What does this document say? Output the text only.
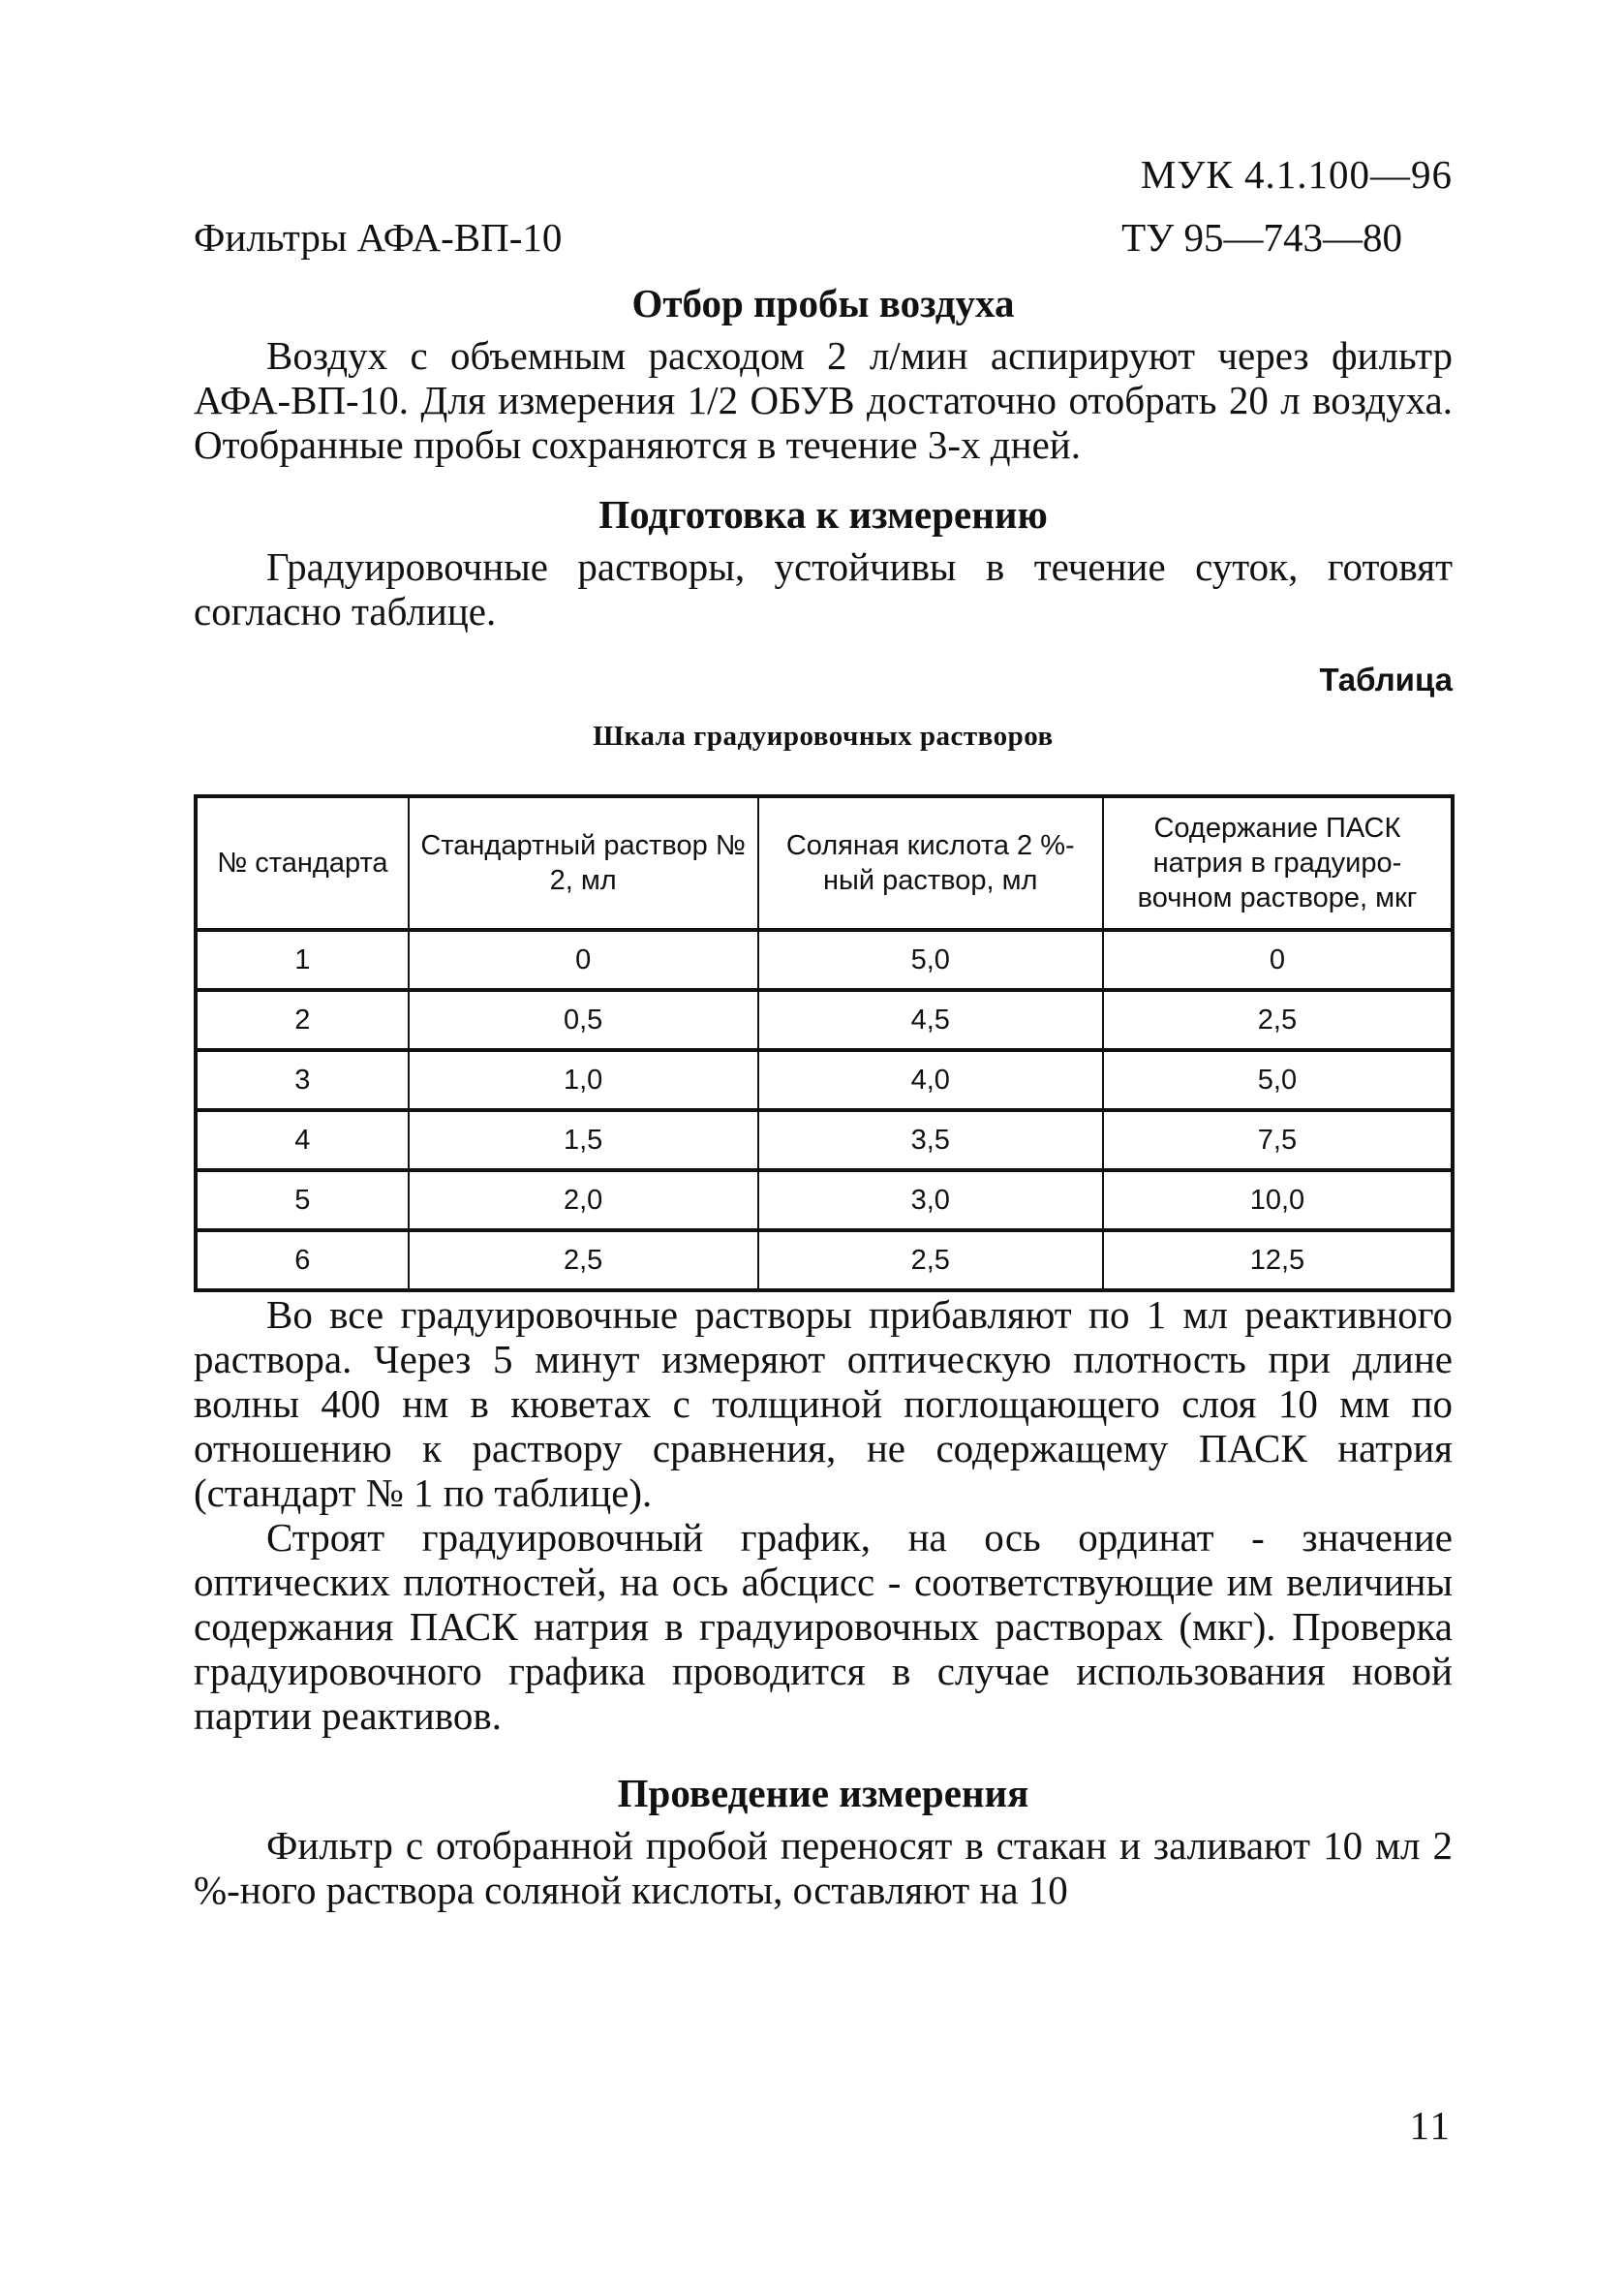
МУК 4.1.100—96
Фильтры АФА-ВП-10	ТУ 95—743—80
Отбор пробы воздуха

Воздух с объемным расходом 2 л/мин аспирируют через фильтр АФА-ВП-10. Для измерения 1/2 ОБУВ достаточно отобрать 20 л воздуха. Отобранные пробы сохраняются в течение 3-х дней.

Подготовка к измерению

Градуировочные растворы, устойчивы в течение суток, готовят согласно таблице.

Таблица
Шкала градуировочных растворов
№ стандарта	Стандартный раствор № 2, мл	Соляная кислота 2 %-ный раствор, мл	Содержание ПАСК натрия в градуиро- вочном растворе, мкг
1	0	5,0	0
2	0,5	4,5	2,5
3	1,0	4,0	5,0
4	1,5	3,5	7,5
5	2,0	3,0	10,0
6	2,5	2,5	12,5

Во все градуировочные растворы прибавляют по 1 мл реактивного раствора. Через 5 минут измеряют оптическую плотность при длине волны 400 нм в кюветах с толщиной поглощающего слоя 10 мм по отношению к раствору сравнения, не содержащему ПАСК натрия (стандарт № 1 по таблице).

Строят градуировочный график, на ось ординат - значение оптических плотностей, на ось абсцисс - соответствующие им величины содержания ПАСК натрия в градуировочных растворах (мкг). Проверка градуировочного графика проводится в случае использования новой партии реактивов.

Проведение измерения

Фильтр с отобранной пробой переносят в стакан и заливают 10 мл 2 %-ного раствора соляной кислоты, оставляют на 10

11
